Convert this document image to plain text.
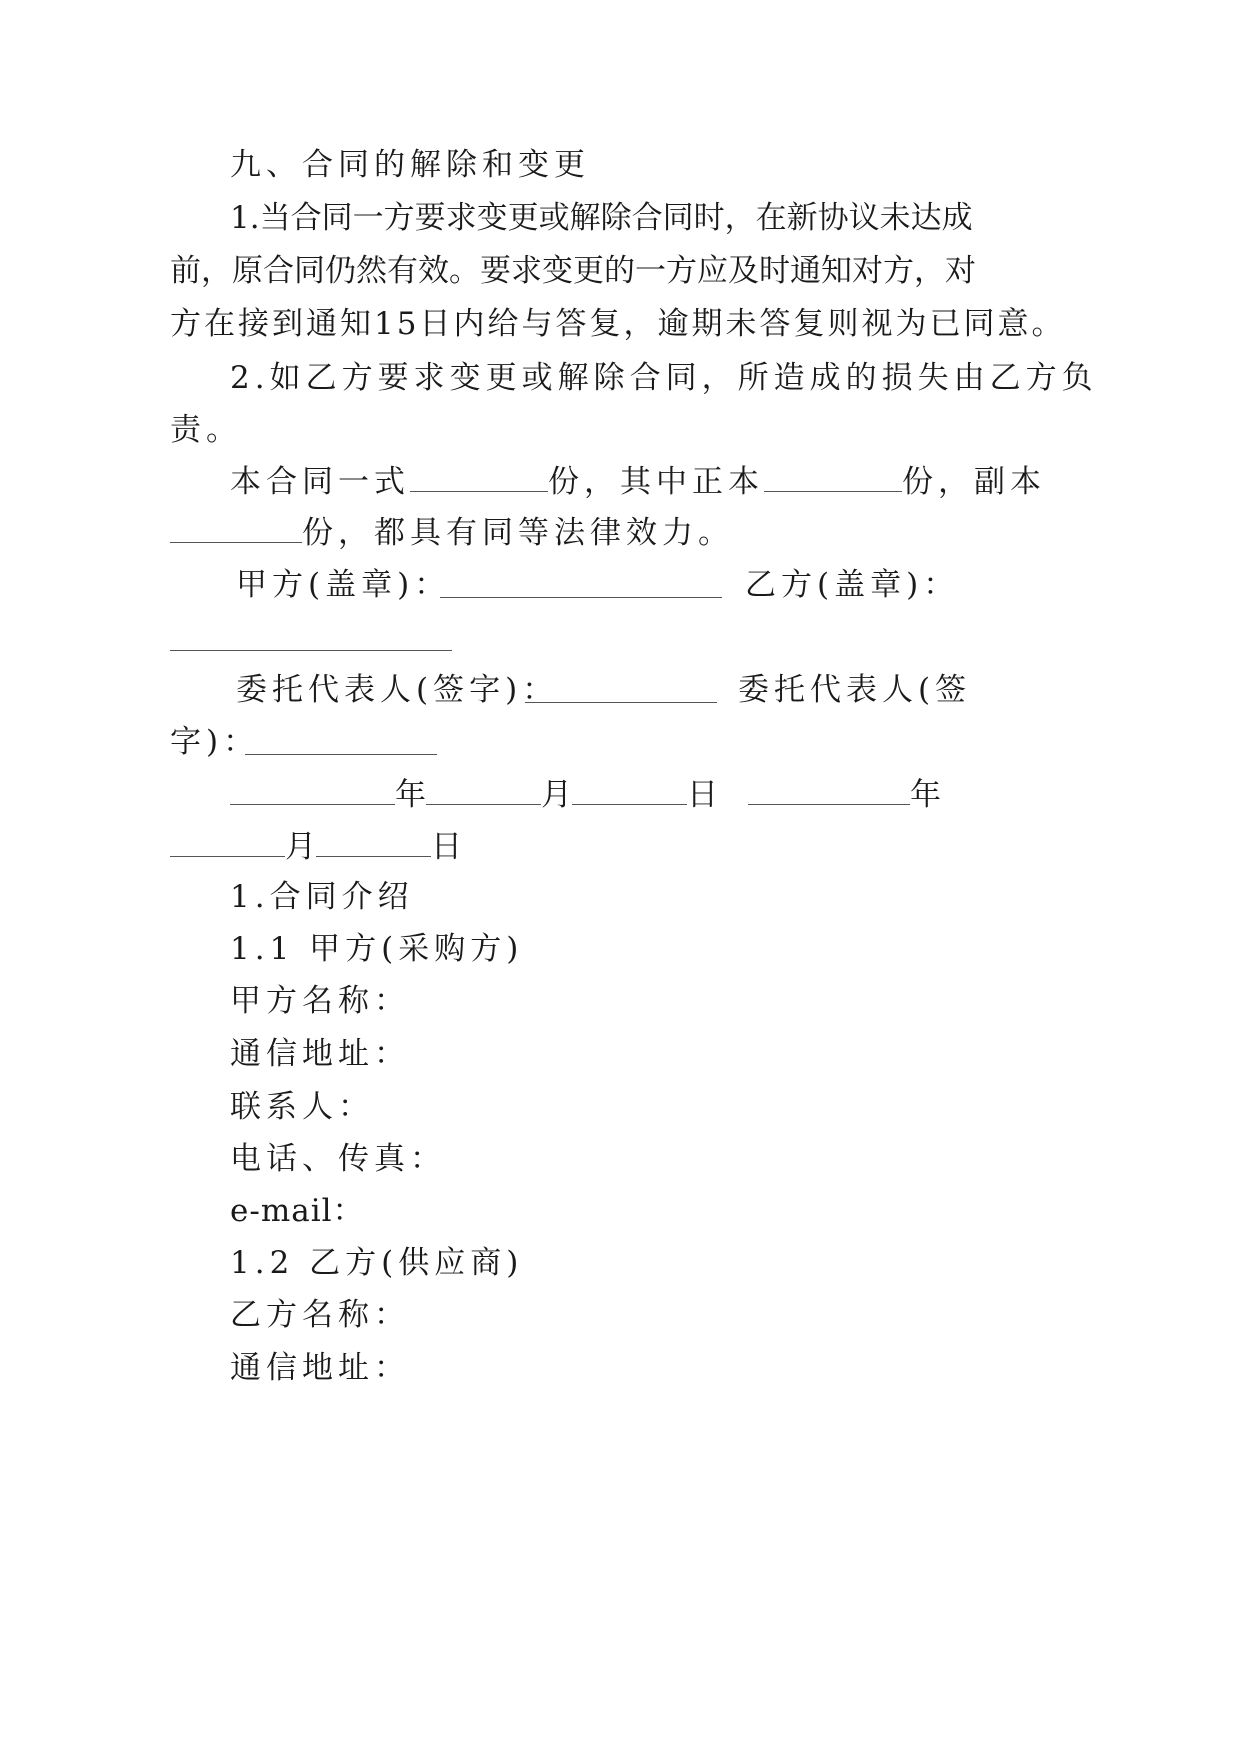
九、合同的解除和变更
1.当合同一方要求变更或解除合同时，在新协议未达成
前，原合同仍然有效。要求变更的一方应及时通知对方，对
方在接到通知15日内给与答复，逾期未答复则视为已同意。
2.如乙方要求变更或解除合同，所造成的损失由乙方负
责。
本合同一式	份，其中正本	份，副本
份，都具有同等法律效力。
甲方(盖章)：	乙方(盖章)：
委托代表人(签字)：	委托代表人(签
字)：
年	月	日	年
月	日
1.合同介绍
1.1 甲方(采购方)
甲方名称：
通信地址：
联系人：
电话、传真：
e-mail：
1.2 乙方(供应商)
乙方名称：
通信地址：
